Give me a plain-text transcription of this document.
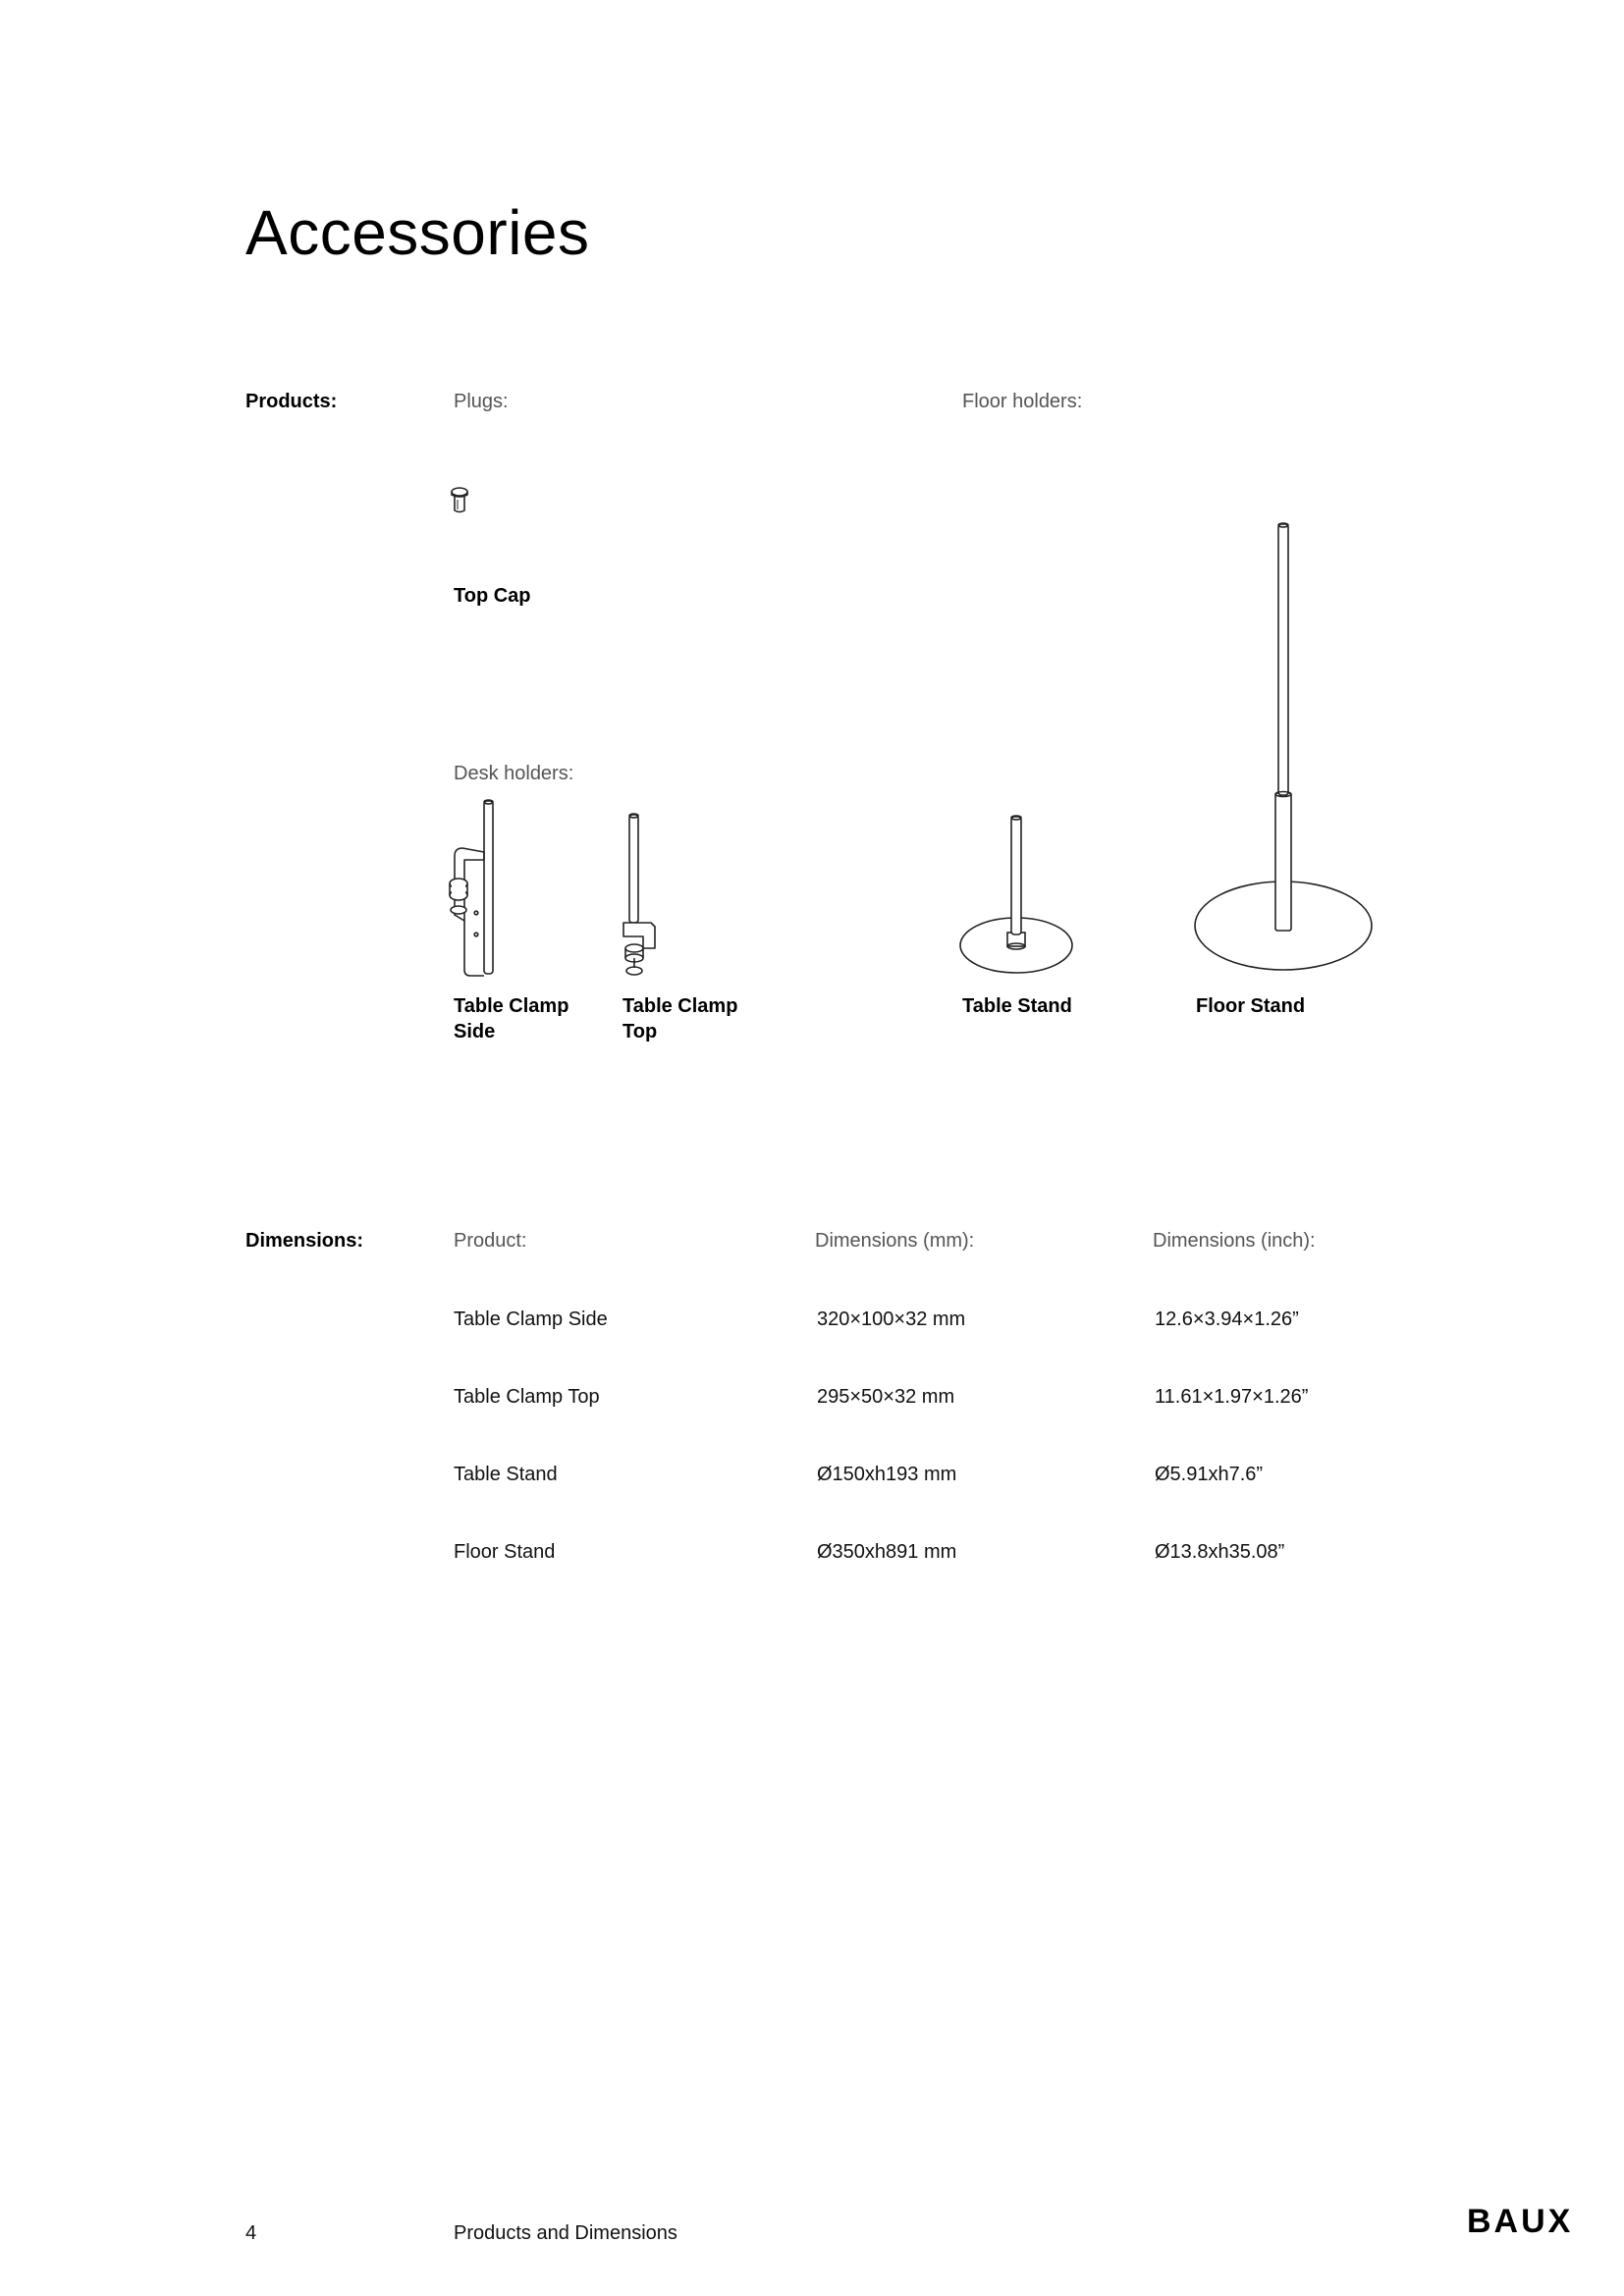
Accessories
Products:	Plugs:	Floor holders:
Top Cap
Desk holders:
Table Clamp Side
Table Clamp Top
Table Stand	Floor Stand
Dimensions:	Product:	Dimensions (mm):	Dimensions (inch):
Table Clamp Side	320×100×32 mm	12.6×3.94×1.26”
Table Clamp Top	295×50×32 mm	11.61×1.97×1.26”
Table Stand	Ø150xh193 mm	Ø5.91xh7.6”
Floor Stand	Ø350xh891 mm	Ø13.8xh35.08”
4	Products and Dimensions	BAUX
